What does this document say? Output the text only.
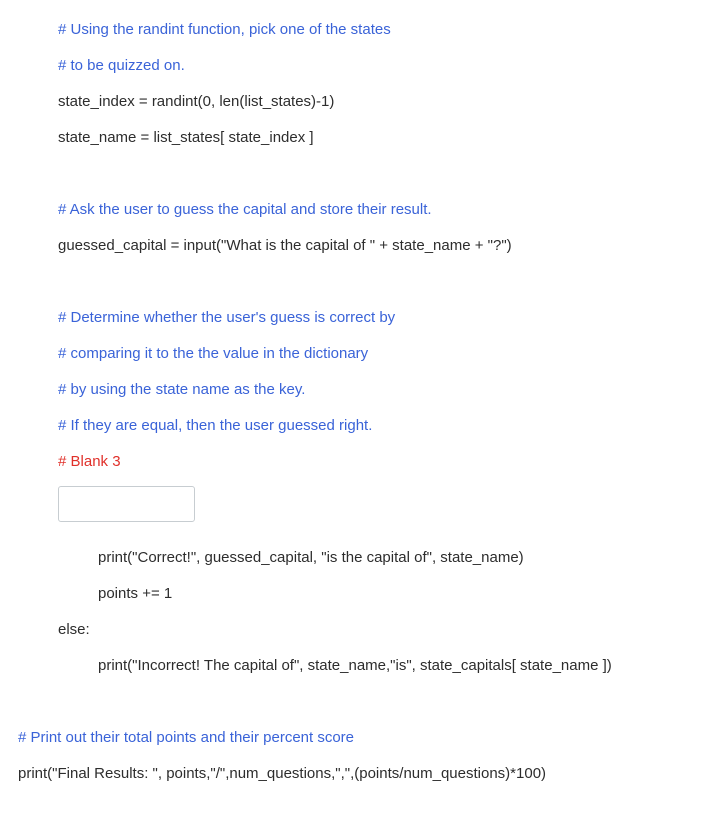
# Using the randint function, pick one of the states
# to be quizzed on.
state_index = randint(0, len(list_states)-1)
state_name = list_states[ state_index ]
# Ask the user to guess the capital and store their result.
guessed_capital = input("What is the capital of " + state_name + "?")
# Determine whether the user's guess is correct by
# comparing it to the the value in the dictionary
# by using the state name as the key.
# If they are equal, then the user guessed right.
# Blank 3
print("Correct!", guessed_capital, "is the capital of", state_name)
points += 1
else:
print("Incorrect! The capital of", state_name,"is", state_capitals[ state_name ])
# Print out their total points and their percent score
print("Final Results: ", points,"/",num_questions,",",(points/num_questions)*100)
